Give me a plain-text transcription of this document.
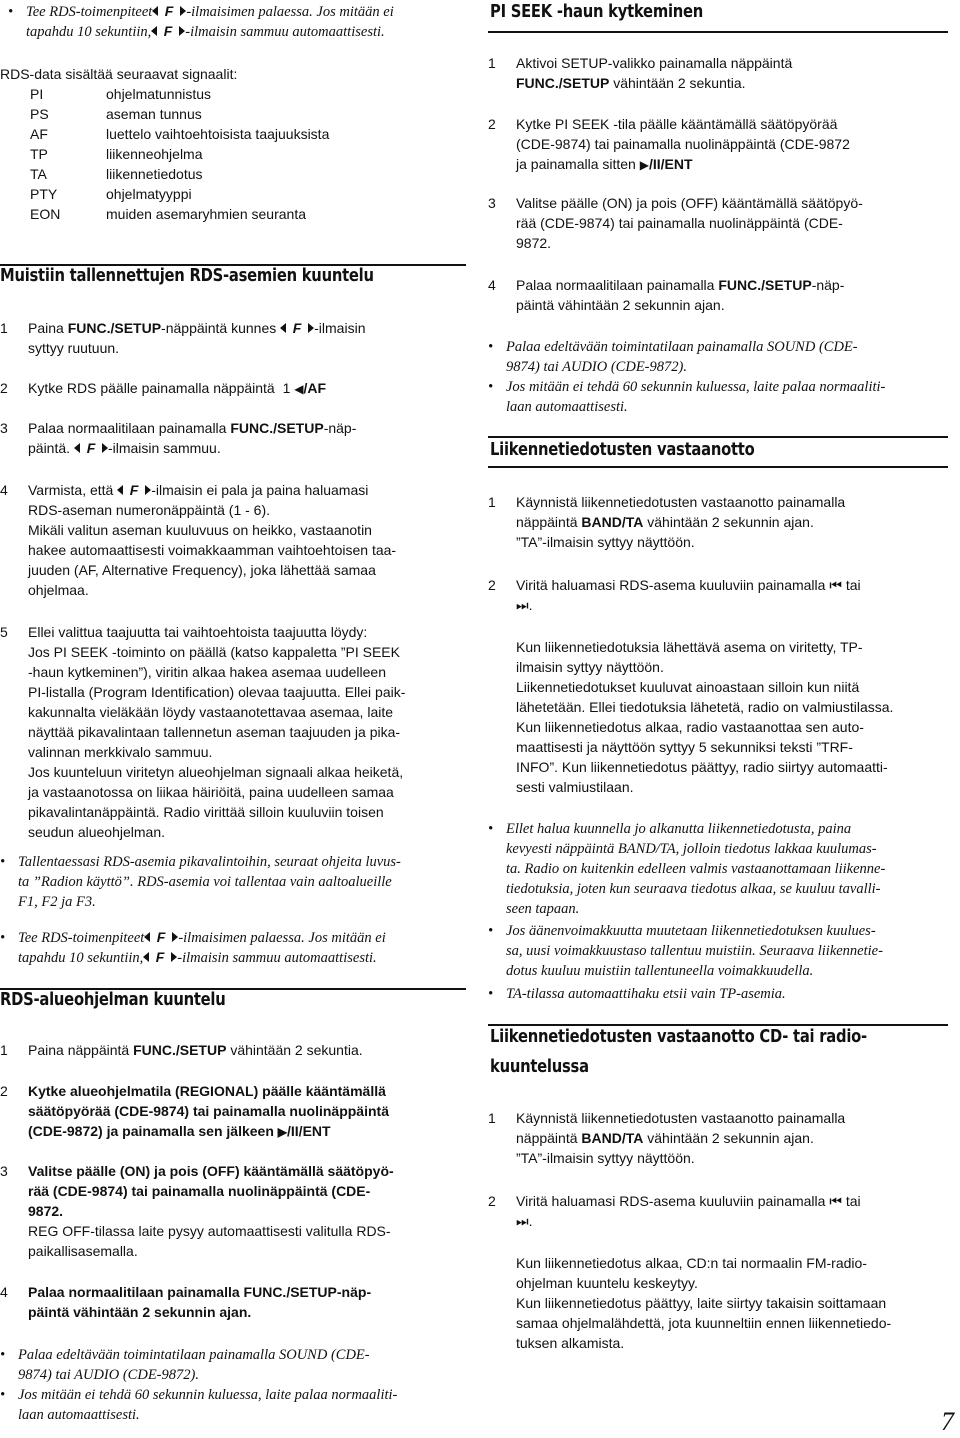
• Tee RDS-toimenpiteet -ilmaisimen palaessa. Jos mitään ei
tapahdu 10 sekuntiin, -ilmaisin sammuu automaattisesti.
RDS-data sisältää seuraavat signaalit:
PI	ohjelmatunnistus
PS	aseman tunnus
AF	luettelo vaihtoehtoisista taajuuksista
TP	liikenneohjelma
TA	liikennetiedotus
PTY	ohjelmatyyppi
EON	muiden asemaryhmien seuranta
Muistiin tallennettujen RDS-asemien kuuntelu
1	Paina FUNC./SETUP-näppäintä kunnes -ilmaisin
syttyy ruutuun.
2	Kytke RDS päälle painamalla näppäintä 1 ◀/AF
3	Palaa normaalitilaan painamalla FUNC./SETUP-näp-
päintä. -ilmaisin sammuu.
4	Varmista, että -ilmaisin ei pala ja paina haluamasi
RDS-aseman numeronäppäintä (1 - 6).
Mikäli valitun aseman kuuluvuus on heikko, vastaanotin
hakee automaattisesti voimakkaamman vaihtoehtoisen taa-
juuden (AF, Alternative Frequency), joka lähettää samaa
ohjelmaa.
5	Ellei valittua taajuutta tai vaihtoehtoista taajuutta löydy:
Jos PI SEEK -toiminto on päällä (katso kappaletta ”PI SEEK
-haun kytkeminen”), viritin alkaa hakea asemaa uudelleen
PI-listalla (Program Identification) olevaa taajuutta. Ellei paik-
kakunnalta vieläkään löydy vastaanotettavaa asemaa, laite
näyttää pikavalintaan tallennetun aseman taajuuden ja pika-
valinnan merkkivalo sammuu.
Jos kuunteluun viritetyn alueohjelman signaali alkaa heiketä,
ja vastaanotossa on liikaa häiriöitä, paina uudelleen samaa
pikavalintanäppäintä. Radio virittää silloin kuuluviin toisen
seudun alueohjelman.
• Tallentaessasi RDS-asemia pikavalintoihin, seuraat ohjeita luvus-
ta ”Radion käyttö”. RDS-asemia voi tallentaa vain aaltoalueille
F1, F2 ja F3.
• Tee RDS-toimenpiteet -ilmaisimen palaessa. Jos mitään ei
tapahdu 10 sekuntiin, -ilmaisin sammuu automaattisesti.
RDS-alueohjelman kuuntelu
1	Paina näppäintä FUNC./SETUP vähintään 2 sekuntia.
2	Kytke alueohjelmatila (REGIONAL) päälle kääntämällä
säätöpyörää (CDE-9874) tai painamalla nuolinäppäintä
(CDE-9872) ja painamalla sen jälkeen ▶/II/ENT
3	Valitse päälle (ON) ja pois (OFF) kääntämällä säätöpyö-
rää (CDE-9874) tai painamalla nuolinäppäintä (CDE-
9872.
REG OFF-tilassa laite pysyy automaattisesti valitulla RDS-
paikallisasemalla.
4	Palaa normaalitilaan painamalla FUNC./SETUP-näp-
päintä vähintään 2 sekunnin ajan.
• Palaa edeltävään toimintatilaan painamalla SOUND (CDE-
9874) tai AUDIO (CDE-9872).
• Jos mitään ei tehdä 60 sekunnin kuluessa, laite palaa normaaliti-
laan automaattisesti.
PI SEEK -haun kytkeminen
1	Aktivoi SETUP-valikko painamalla näppäintä
FUNC./SETUP vähintään 2 sekuntia.
2	Kytke PI SEEK -tila päälle kääntämällä säätöpyörää
(CDE-9874) tai painamalla nuolinäppäintä (CDE-9872
ja painamalla sitten ▶/II/ENT
3	Valitse päälle (ON) ja pois (OFF) kääntämällä säätöpyö-
rää (CDE-9874) tai painamalla nuolinäppäintä (CDE-
9872.
4	Palaa normaalitilaan painamalla FUNC./SETUP-näp-
päintä vähintään 2 sekunnin ajan.
• Palaa edeltävään toimintatilaan painamalla SOUND (CDE-
9874) tai AUDIO (CDE-9872).
• Jos mitään ei tehdä 60 sekunnin kuluessa, laite palaa normaaliti-
laan automaattisesti.
Liikennetiedotusten vastaanotto
1	Käynnistä liikennetiedotusten vastaanotto painamalla
näppäintä BAND/TA vähintään 2 sekunnin ajan.
”TA”-ilmaisin syttyy näyttöön.
2	Viritä haluamasi RDS-asema kuuluviin painamalla ⏮ tai
⏭.
Kun liikennetiedotuksia lähettävä asema on viritetty, TP-
ilmaisin syttyy näyttöön.
Liikennetiedotukset kuuluvat ainoastaan silloin kun niitä
lähetetään. Ellei tiedotuksia lähetetä, radio on valmiustilassa.
Kun liikennetiedotus alkaa, radio vastaanottaa sen auto-
maattisesti ja näyttöön syttyy 5 sekunniksi teksti ”TRF-
INFO”. Kun liikennetiedotus päättyy, radio siirtyy automaatti-
sesti valmiustilaan.
• Ellet halua kuunnella jo alkanutta liikennetiedotusta, paina
kevyesti näppäintä BAND/TA, jolloin tiedotus lakkaa kuulumas-
ta. Radio on kuitenkin edelleen valmis vastaanottamaan liikenne-
tiedotuksia, joten kun seuraava tiedotus alkaa, se kuuluu tavalli-
seen tapaan.
• Jos äänenvoimakkuutta muutetaan liikennetiedotuksen kuulues-
sa, uusi voimakkuustaso tallentuu muistiin. Seuraava liikennetie-
dotus kuuluu muistiin tallentuneella voimakkuudella.
• TA-tilassa automaattihaku etsii vain TP-asemia.
Liikennetiedotusten vastaanotto CD- tai radio-
kuuntelussa
1	Käynnistä liikennetiedotusten vastaanotto painamalla
näppäintä BAND/TA vähintään 2 sekunnin ajan.
”TA”-ilmaisin syttyy näyttöön.
2	Viritä haluamasi RDS-asema kuuluviin painamalla ⏮ tai
⏭.
Kun liikennetiedotus alkaa, CD:n tai normaalin FM-radio-
ohjelman kuuntelu keskeytyy.
Kun liikennetiedotus päättyy, laite siirtyy takaisin soittamaan
samaa ohjelmalähdettä, jota kuunneltiin ennen liikennetiedo-
tuksen alkamista.
7
